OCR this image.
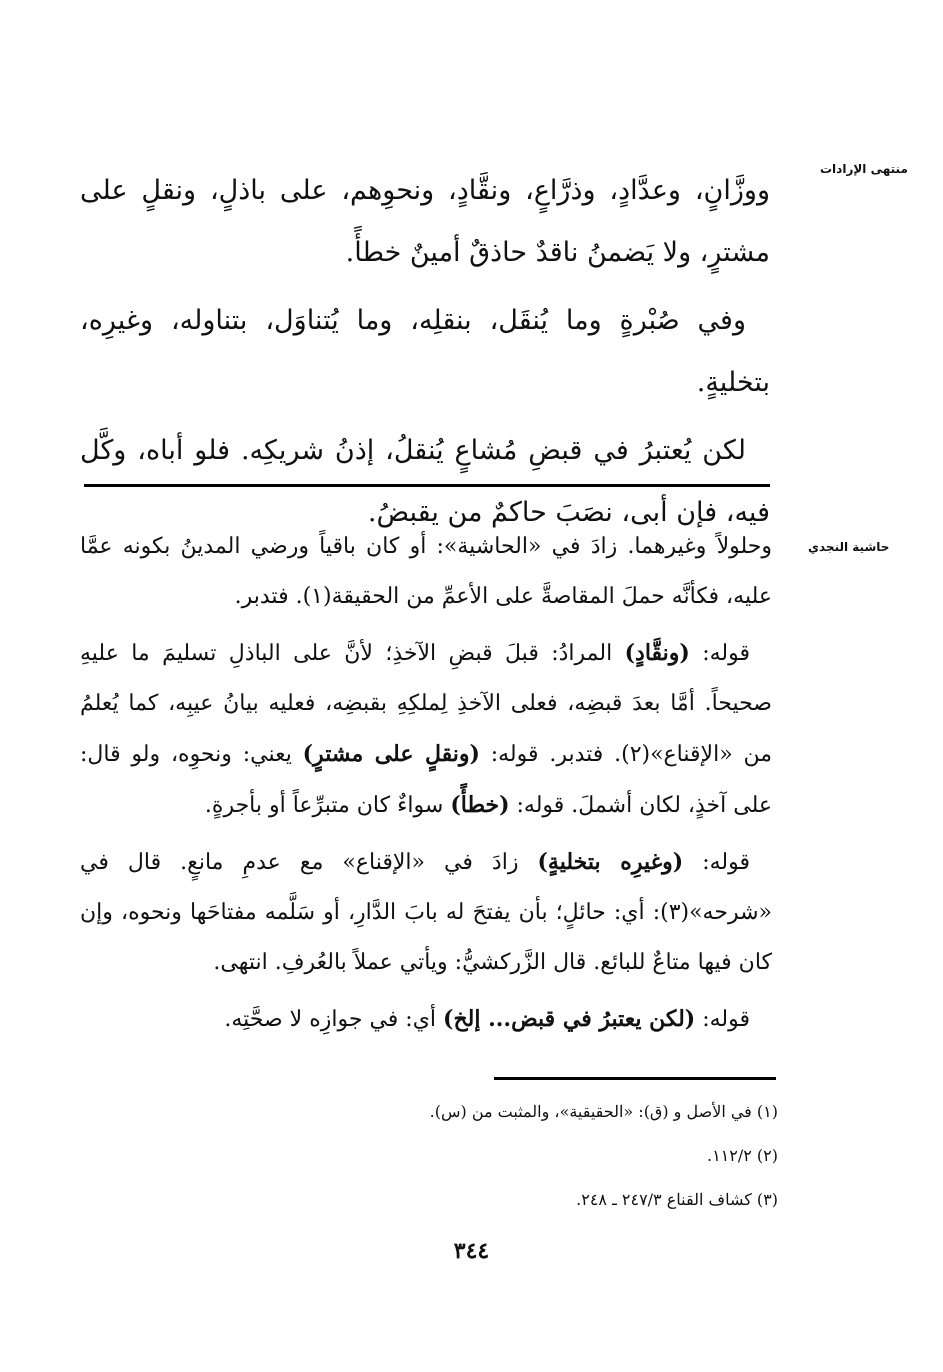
منتهى الإرادات

ووزَّانٍ، وعدَّادٍ، وذرَّاعٍ، ونقَّادٍ، ونحوِهم، على باذلٍ، ونقلٍ على مشترٍ، ولا يَضمنُ ناقدٌ حاذقٌ أمينٌ خطأً.

وفي صُبْرةٍ وما يُنقَل، بنقلِه، وما يُتناوَل، بتناوله، وغيرِه، بتخليةٍ.

لكن يُعتبرُ في قبضِ مُشاعٍ يُنقلُ، إذنُ شريكِه. فلو أباه، وكَّل فيه، فإن أبى، نصَبَ حاكمٌ من يقبضُ.

حاشية النجدي

وحلولاً وغيرهما. زادَ في «الحاشية»: أو كان باقياً ورضي المدينُ بكونه عمَّا عليه، فكأنَّه حملَ المقاصةَّ على الأعمِّ من الحقيقة(١). فتدبر.

قوله: (ونقَّادٍ) المرادُ: قبلَ قبضِ الآخذِ؛ لأنَّ على الباذلِ تسليمَ ما عليهِ صحيحاً. أمَّا بعدَ قبضِه، فعلى الآخذِ لِملكِهِ بقبضِه، فعليه بيانُ عيبِه، كما يُعلمُ من «الإقناع»(٢). فتدبر. قوله: (ونقلٍ على مشترٍ) يعني: ونحوِه، ولو قال: على آخذٍ، لكان أشملَ. قوله: (خطأً) سواءٌ كان متبرِّعاً أو بأجرةٍ.

قوله: (وغيرِه بتخليةٍ) زادَ في «الإقناع» مع عدمِ مانعٍ. قال في «شرحه»(٣): أي: حائلٍ؛ بأن يفتحَ له بابَ الدَّارِ، أو سَلَّمه مفتاحَها ونحوه، وإن كان فيها متاعٌ للبائع. قال الزَّركشيُّ: ويأتي عملاً بالعُرفِ. انتهى.

قوله: (لكن يعتبرُ في قبض... إلخ) أي: في جوازِه لا صحَّتِه.

(١) في الأصل و (ق): «الحقيقية»، والمثبت من (س).
(٢) ١١٢/٢.
(٣) كشاف القناع ٢٤٧/٣ ـ ٢٤٨.
٣٤٤
